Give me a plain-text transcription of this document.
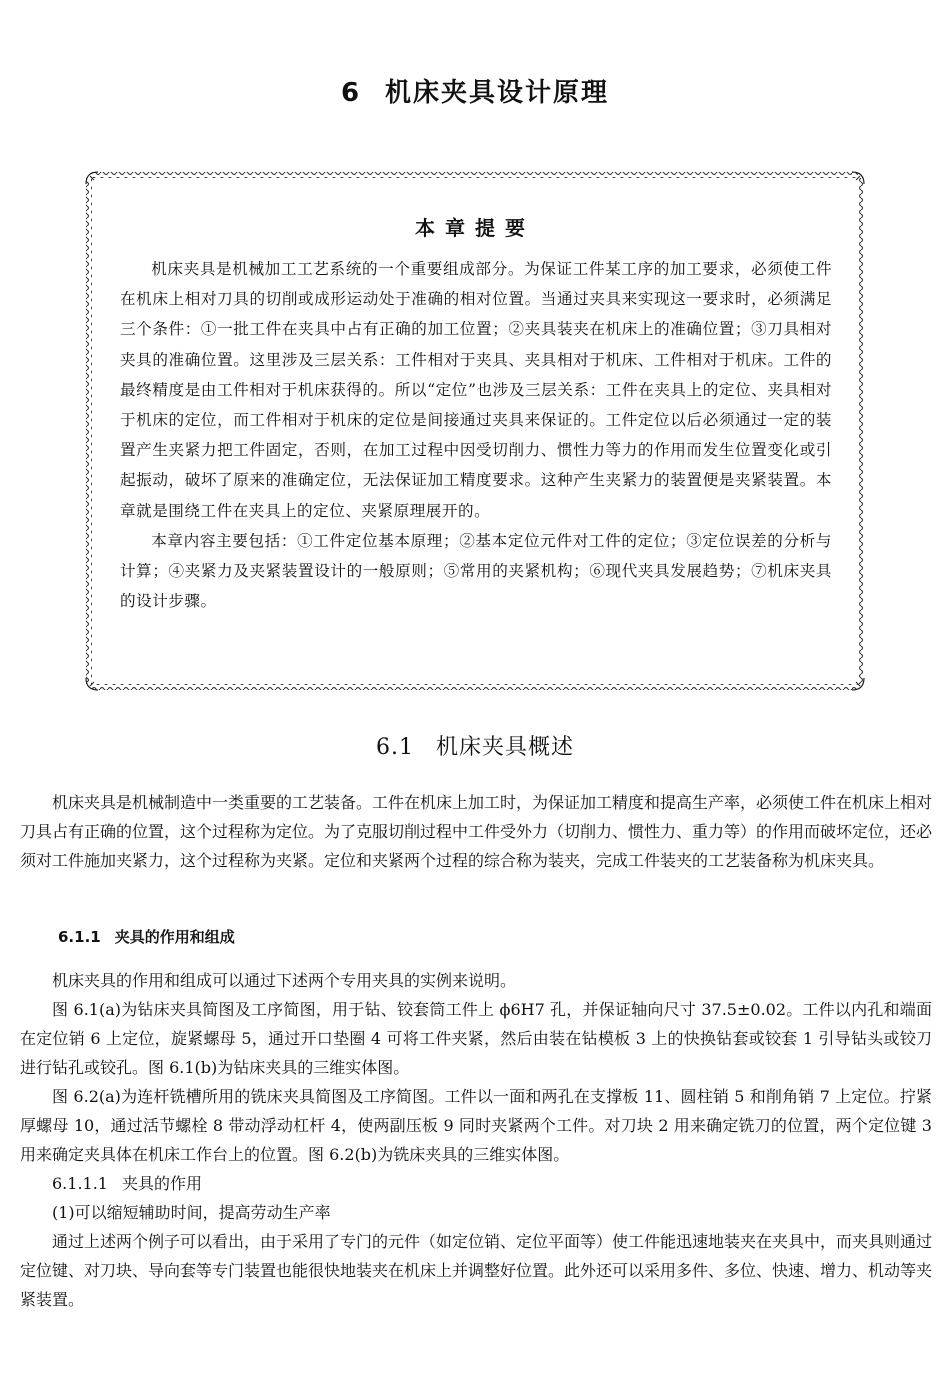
6 机床夹具设计原理
本章提要

机床夹具是机械加工工艺系统的一个重要组成部分。为保证工件某工序的加工要求，必须使工件在机床上相对刀具的切削或成形运动处于准确的相对位置。当通过夹具来实现这一要求时，必须满足三个条件：①一批工件在夹具中占有正确的加工位置；②夹具装夹在机床上的准确位置；③刀具相对夹具的准确位置。这里涉及三层关系：工件相对于夹具、夹具相对于机床、工件相对于机床。工件的最终精度是由工件相对于机床获得的。所以“定位”也涉及三层关系：工件在夹具上的定位、夹具相对于机床的定位，而工件相对于机床的定位是间接通过夹具来保证的。工件定位以后必须通过一定的装置产生夹紧力把工件固定，否则，在加工过程中因受切削力、惯性力等力的作用而发生位置变化或引起振动，破坏了原来的准确定位，无法保证加工精度要求。这种产生夹紧力的装置便是夹紧装置。本章就是围绕工件在夹具上的定位、夹紧原理展开的。

本章内容主要包括：①工件定位基本原理；②基本定位元件对工件的定位；③定位误差的分析与计算；④夹紧力及夹紧装置设计的一般原则；⑤常用的夹紧机构；⑥现代夹具发展趋势；⑦机床夹具的设计步骤。

6.1 机床夹具概述

机床夹具是机械制造中一类重要的工艺装备。工件在机床上加工时，为保证加工精度和提高生产率，必须使工件在机床上相对刀具占有正确的位置，这个过程称为定位。为了克服切削过程中工件受外力（切削力、惯性力、重力等）的作用而破坏定位，还必须对工件施加夹紧力，这个过程称为夹紧。定位和夹紧两个过程的综合称为装夹，完成工件装夹的工艺装备称为机床夹具。

6.1.1 夹具的作用和组成

机床夹具的作用和组成可以通过下述两个专用夹具的实例来说明。

图 6.1(a)为钻床夹具简图及工序简图，用于钻、铰套筒工件上 ϕ6H7 孔，并保证轴向尺寸 37.5±0.02。工件以内孔和端面在定位销 6 上定位，旋紧螺母 5，通过开口垫圈 4 可将工件夹紧，然后由装在钻模板 3 上的快换钻套或铰套 1 引导钻头或铰刀进行钻孔或铰孔。图 6.1(b)为钻床夹具的三维实体图。

图 6.2(a)为连杆铣槽所用的铣床夹具简图及工序简图。工件以一面和两孔在支撑板 11、圆柱销 5 和削角销 7 上定位。拧紧厚螺母 10，通过活节螺栓 8 带动浮动杠杆 4，使两副压板 9 同时夹紧两个工件。对刀块 2 用来确定铣刀的位置，两个定位键 3 用来确定夹具体在机床工作台上的位置。图 6.2(b)为铣床夹具的三维实体图。

6.1.1.1 夹具的作用

(1)可以缩短辅助时间，提高劳动生产率

通过上述两个例子可以看出，由于采用了专门的元件（如定位销、定位平面等）使工件能迅速地装夹在夹具中，而夹具则通过定位键、对刀块、导向套等专门装置也能很快地装夹在机床上并调整好位置。此外还可以采用多件、多位、快速、增力、机动等夹紧装置。
